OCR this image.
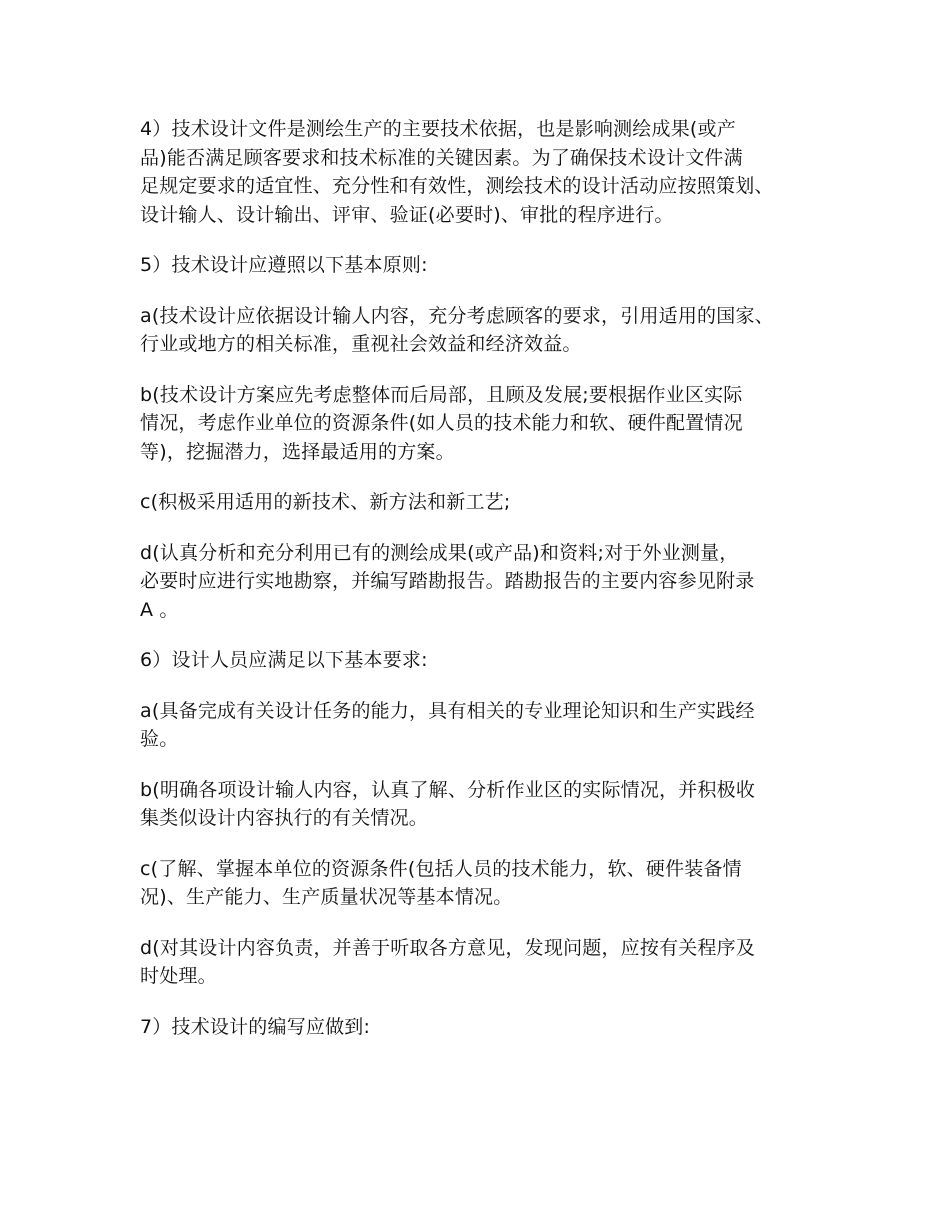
4）技术设计文件是测绘生产的主要技术依据，也是影响测绘成果(或产
品)能否满足顾客要求和技术标准的关键因素。为了确保技术设计文件满
足规定要求的适宜性、充分性和有效性，测绘技术的设计活动应按照策划、
设计输人、设计输出、评审、验证(必要时)、审批的程序进行。

5）技术设计应遵照以下基本原则:

a(技术设计应依据设计输人内容，充分考虑顾客的要求，引用适用的国家、
行业或地方的相关标准，重视社会效益和经济效益。

b(技术设计方案应先考虑整体而后局部，且顾及发展;要根据作业区实际
情况，考虑作业单位的资源条件(如人员的技术能力和软、硬件配置情况
等)，挖掘潜力，选择最适用的方案。

c(积极采用适用的新技术、新方法和新工艺;

d(认真分析和充分利用已有的测绘成果(或产品)和资料;对于外业测量，
必要时应进行实地勘察，并编写踏勘报告。踏勘报告的主要内容参见附录
A 。

6）设计人员应满足以下基本要求:

a(具备完成有关设计任务的能力，具有相关的专业理论知识和生产实践经
验。

b(明确各项设计输人内容，认真了解、分析作业区的实际情况，并积极收
集类似设计内容执行的有关情况。

c(了解、掌握本单位的资源条件(包括人员的技术能力，软、硬件装备情
况)、生产能力、生产质量状况等基本情况。

d(对其设计内容负责，并善于听取各方意见，发现问题，应按有关程序及
时处理。

7）技术设计的编写应做到:
